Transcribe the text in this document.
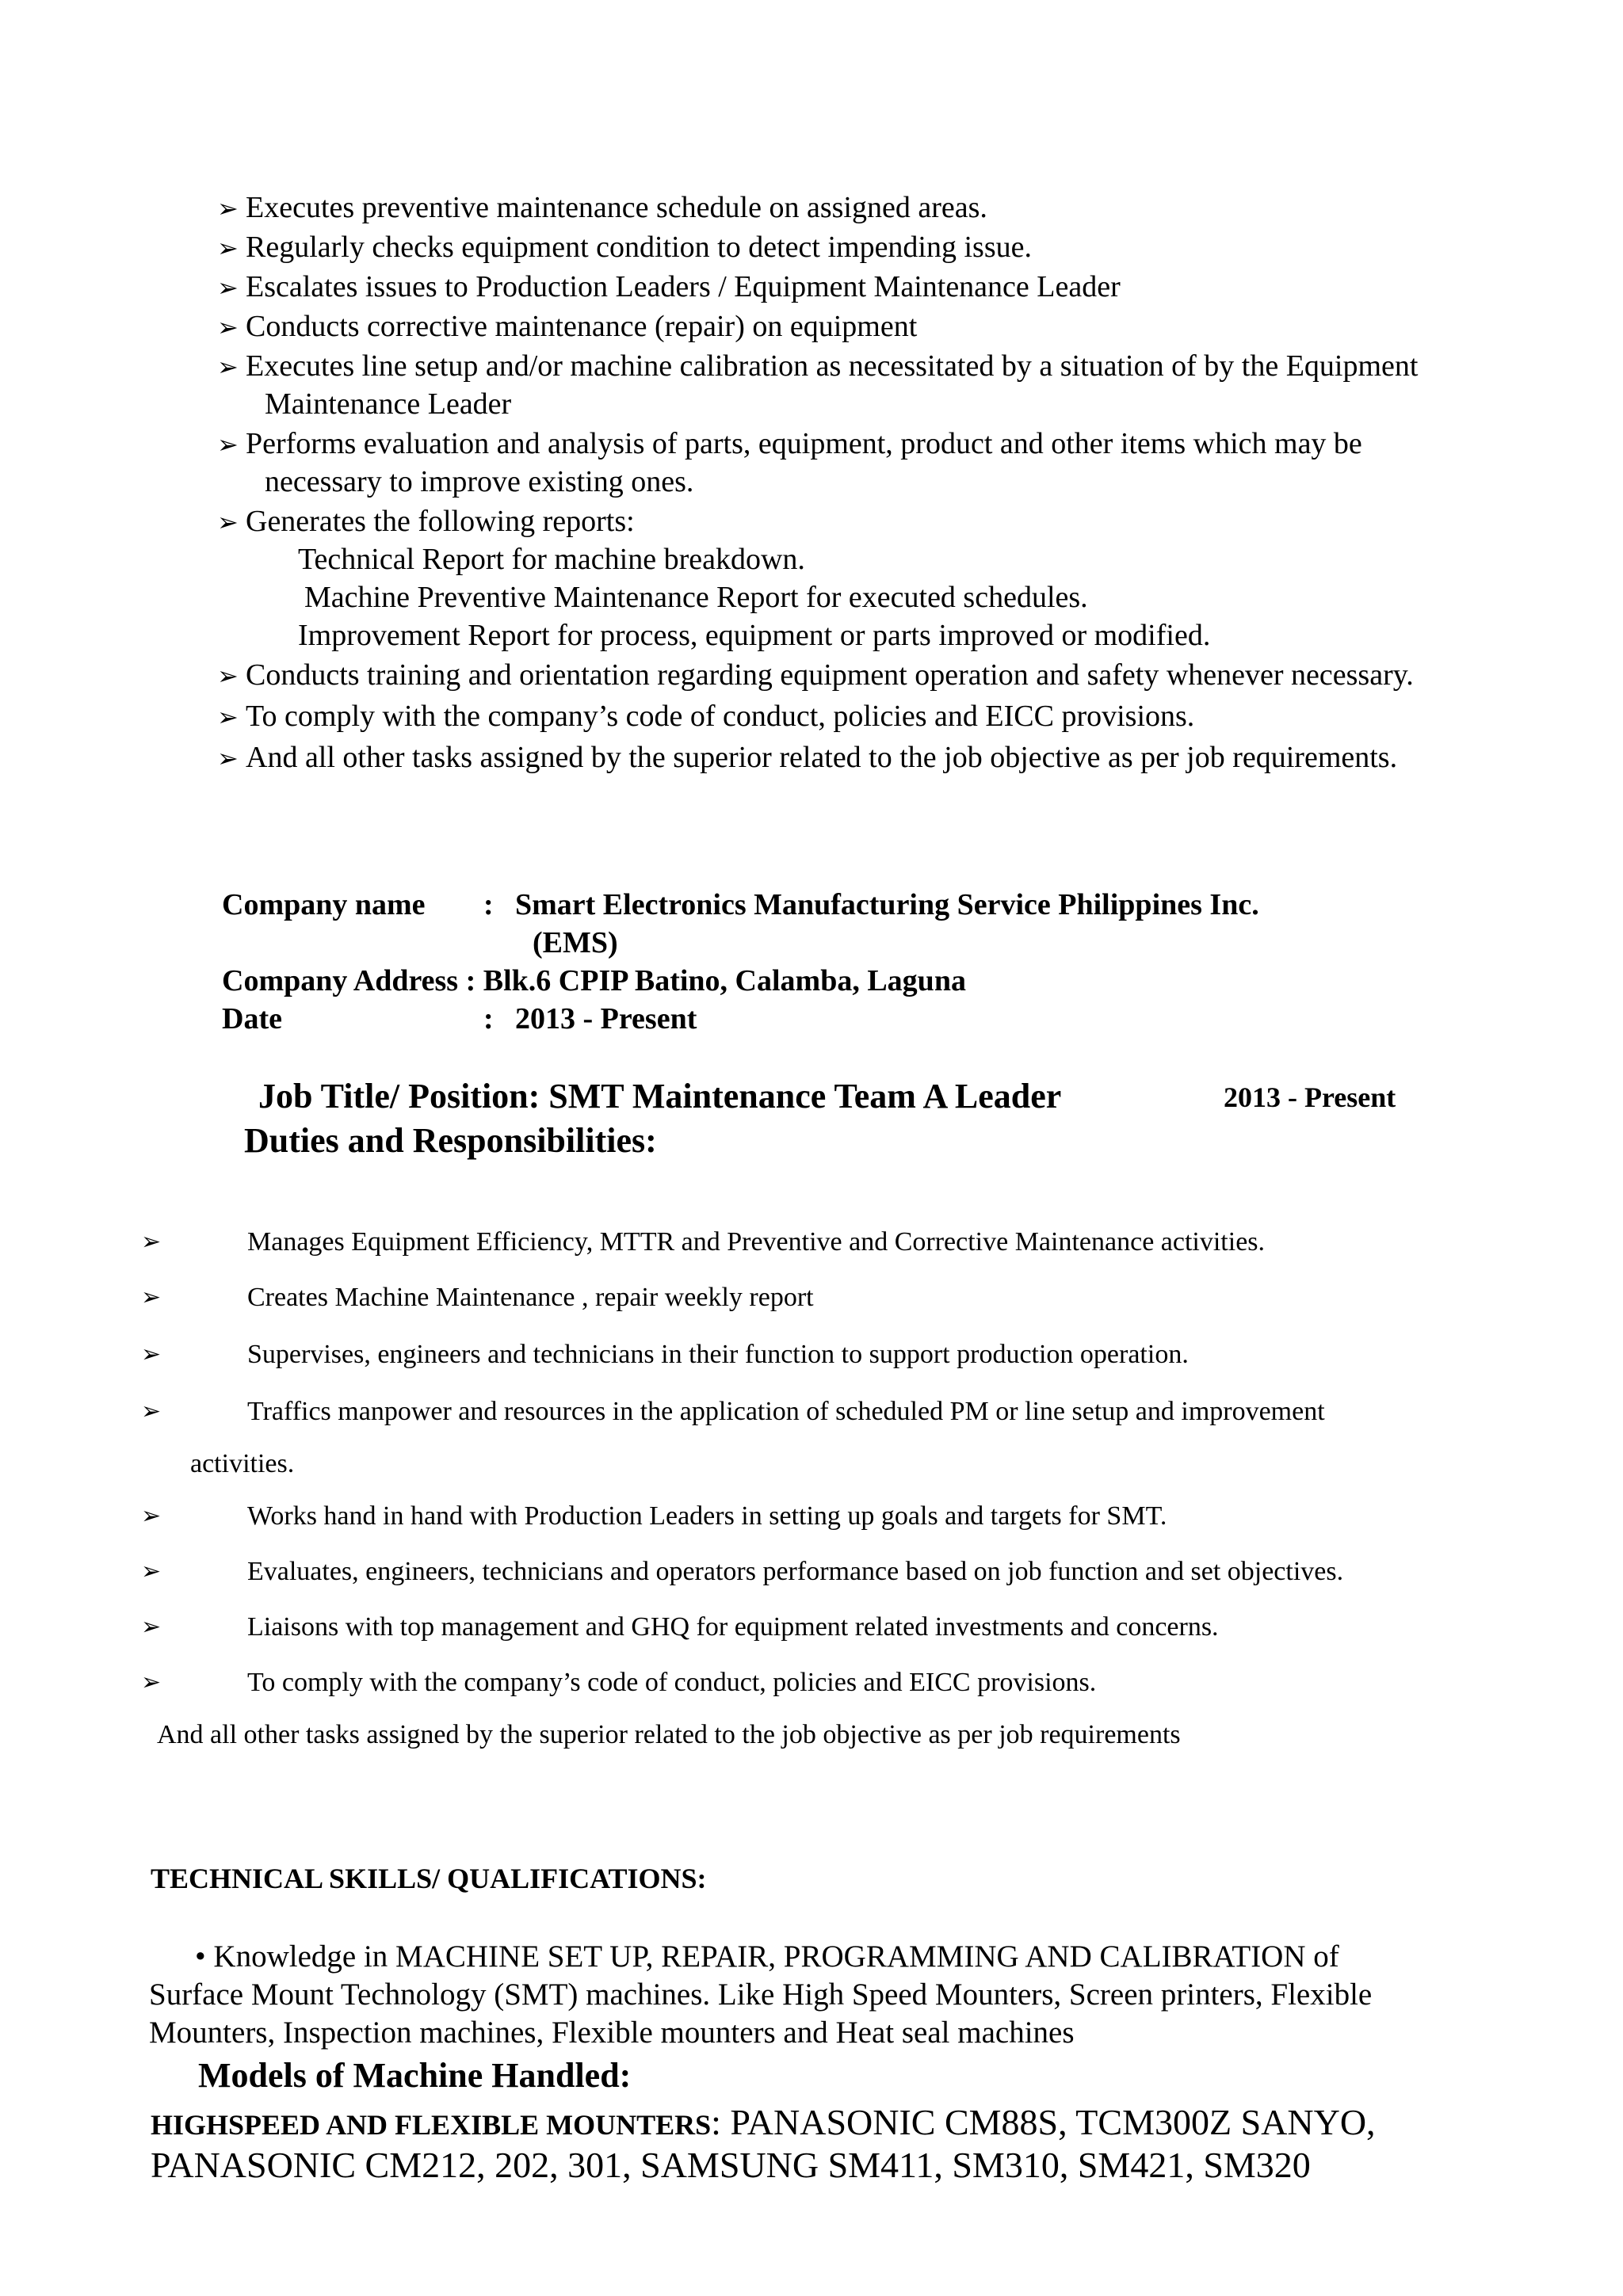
➢ Executes preventive maintenance schedule on assigned areas.
➢ Regularly checks equipment condition to detect impending issue.
➢ Escalates issues to Production Leaders / Equipment Maintenance Leader
➢ Conducts corrective maintenance (repair) on equipment
➢ Executes line setup and/or machine calibration as necessitated by a situation of by the Equipment
Maintenance Leader
➢ Performs evaluation and analysis of parts, equipment, product and other items which may be
necessary to improve existing ones.
➢ Generates the following reports:
Technical Report for machine breakdown.
Machine Preventive Maintenance Report for executed schedules.
Improvement Report for process, equipment or parts improved or modified.
➢ Conducts training and orientation regarding equipment operation and safety whenever necessary.
➢ To comply with the company’s code of conduct, policies and EICC provisions.
➢ And all other tasks assigned by the superior related to the job objective as per job requirements.
Company name : Smart Electronics Manufacturing Service Philippines Inc.
(EMS)
Company Address : Blk.6 CPIP Batino, Calamba, Laguna
Date	: 2013 - Present
Job Title/ Position: SMT Maintenance Team A Leader	2013 - Present
Duties and Responsibilities:
➢	Manages Equipment Efficiency, MTTR and Preventive and Corrective Maintenance activities.
➢	Creates Machine Maintenance , repair weekly report
➢	Supervises, engineers and technicians in their function to support production operation.
➢	Traffics manpower and resources in the application of scheduled PM or line setup and improvement
activities.
➢	Works hand in hand with Production Leaders in setting up goals and targets for SMT.
➢	Evaluates, engineers, technicians and operators performance based on job function and set objectives.
➢	Liaisons with top management and GHQ for equipment related investments and concerns.
➢	To comply with the company’s code of conduct, policies and EICC provisions.
And all other tasks assigned by the superior related to the job objective as per job requirements
TECHNICAL SKILLS/ QUALIFICATIONS:
• Knowledge in MACHINE SET UP, REPAIR, PROGRAMMING AND CALIBRATION of
Surface Mount Technology (SMT) machines. Like High Speed Mounters, Screen printers, Flexible
Mounters, Inspection machines, Flexible mounters and Heat seal machines
Models of Machine Handled:
HIGHSPEED AND FLEXIBLE MOUNTERS: PANASONIC CM88S, TCM300Z SANYO,
PANASONIC CM212, 202, 301, SAMSUNG SM411, SM310, SM421, SM320
